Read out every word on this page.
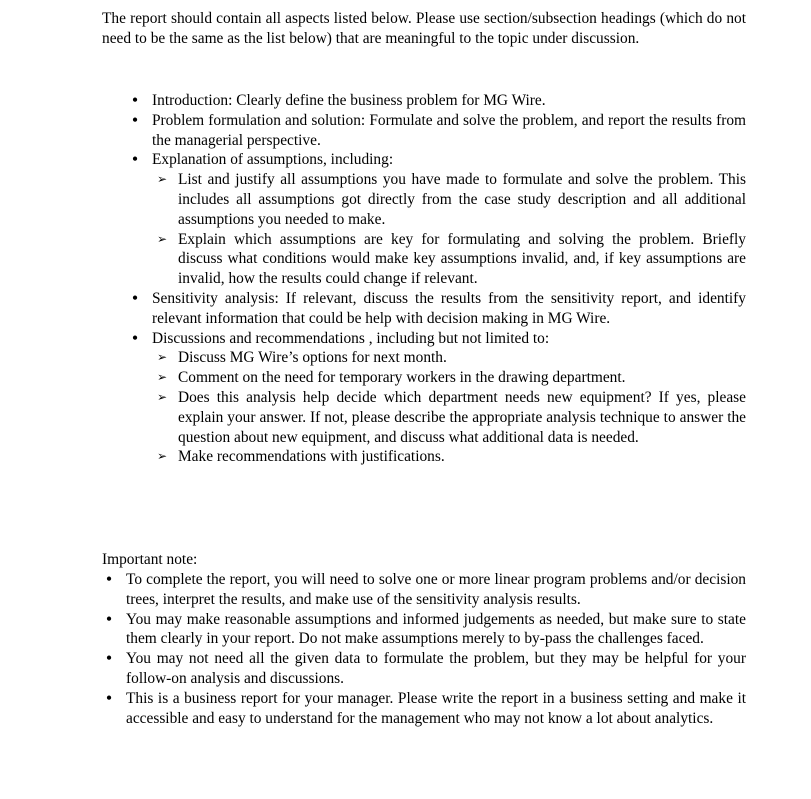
The report should contain all aspects listed below. Please use section/subsection headings (which do not need to be the same as the list below) that are meaningful to the topic under discussion.

• Introduction: Clearly define the business problem for MG Wire.
• Problem formulation and solution: Formulate and solve the problem, and report the results from the managerial perspective.
• Explanation of assumptions, including:
➢ List and justify all assumptions you have made to formulate and solve the problem. This includes all assumptions got directly from the case study description and all additional assumptions you needed to make.
➢ Explain which assumptions are key for formulating and solving the problem. Briefly discuss what conditions would make key assumptions invalid, and, if key assumptions are invalid, how the results could change if relevant.
• Sensitivity analysis: If relevant, discuss the results from the sensitivity report, and identify relevant information that could be help with decision making in MG Wire.
• Discussions and recommendations , including but not limited to:
➢ Discuss MG Wire’s options for next month.
➢ Comment on the need for temporary workers in the drawing department.
➢ Does this analysis help decide which department needs new equipment? If yes, please explain your answer. If not, please describe the appropriate analysis technique to answer the question about new equipment, and discuss what additional data is needed.
➢ Make recommendations with justifications.

Important note:

• To complete the report, you will need to solve one or more linear program problems and/or decision trees, interpret the results, and make use of the sensitivity analysis results.
• You may make reasonable assumptions and informed judgements as needed, but make sure to state them clearly in your report. Do not make assumptions merely to by-pass the challenges faced.
• You may not need all the given data to formulate the problem, but they may be helpful for your follow-on analysis and discussions.
• This is a business report for your manager. Please write the report in a business setting and make it accessible and easy to understand for the management who may not know a lot about analytics.
